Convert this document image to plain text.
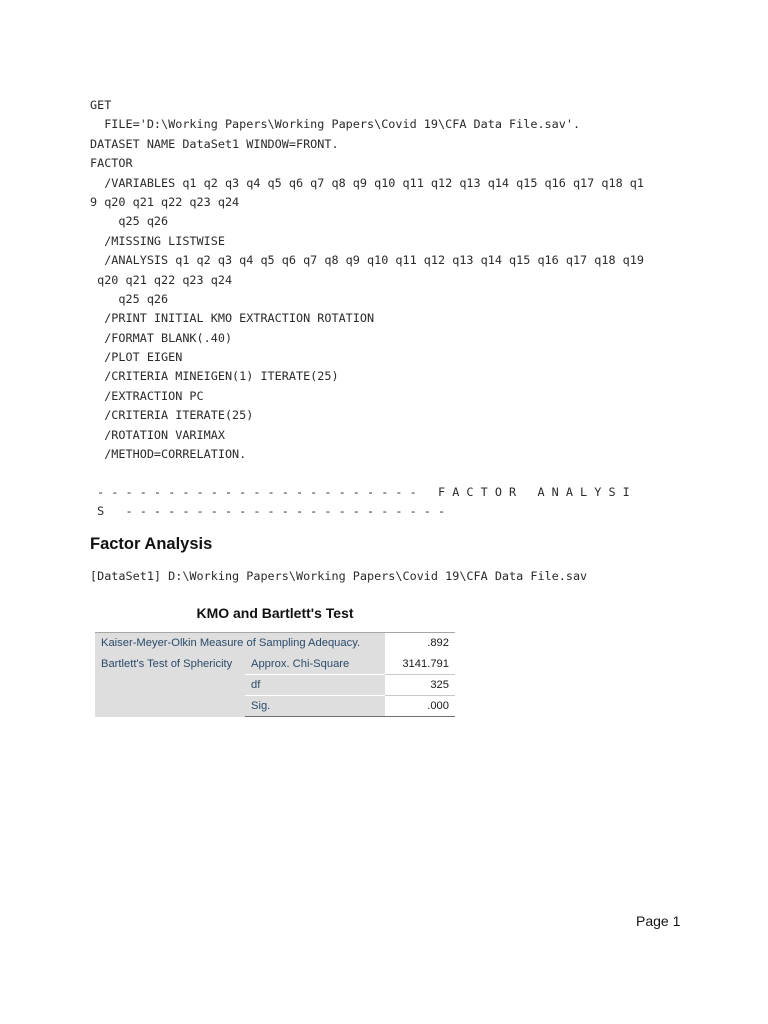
GET
FILE='D:\Working Papers\Working Papers\Covid 19\CFA Data File.sav'.
DATASET NAME DataSet1 WINDOW=FRONT.
FACTOR
/VARIABLES q1 q2 q3 q4 q5 q6 q7 q8 q9 q10 q11 q12 q13 q14 q15 q16 q17 q18 q1
9 q20 q21 q22 q23 q24
q25 q26
/MISSING LISTWISE
/ANALYSIS q1 q2 q3 q4 q5 q6 q7 q8 q9 q10 q11 q12 q13 q14 q15 q16 q17 q18 q19
q20 q21 q22 q23 q24
q25 q26
/PRINT INITIAL KMO EXTRACTION ROTATION
/FORMAT BLANK(.40)
/PLOT EIGEN
/CRITERIA MINEIGEN(1) ITERATE(25)
/EXTRACTION PC
/CRITERIA ITERATE(25)
/ROTATION VARIMAX
/METHOD=CORRELATION.
- - - - - - - - - - - - - - - - - - - - - - -   F A C T O R   A N A L Y S I
S   - - - - - - - - - - - - - - - - - - - - - - -
Factor Analysis
[DataSet1] D:\Working Papers\Working Papers\Covid 19\CFA Data File.sav
KMO and Bartlett's Test
Kaiser-Meyer-Olkin Measure of Sampling Adequacy.		.892
Bartlett's Test of Sphericity	Approx. Chi-Square	3141.791
	df	325
	Sig.	.000
Page 1
